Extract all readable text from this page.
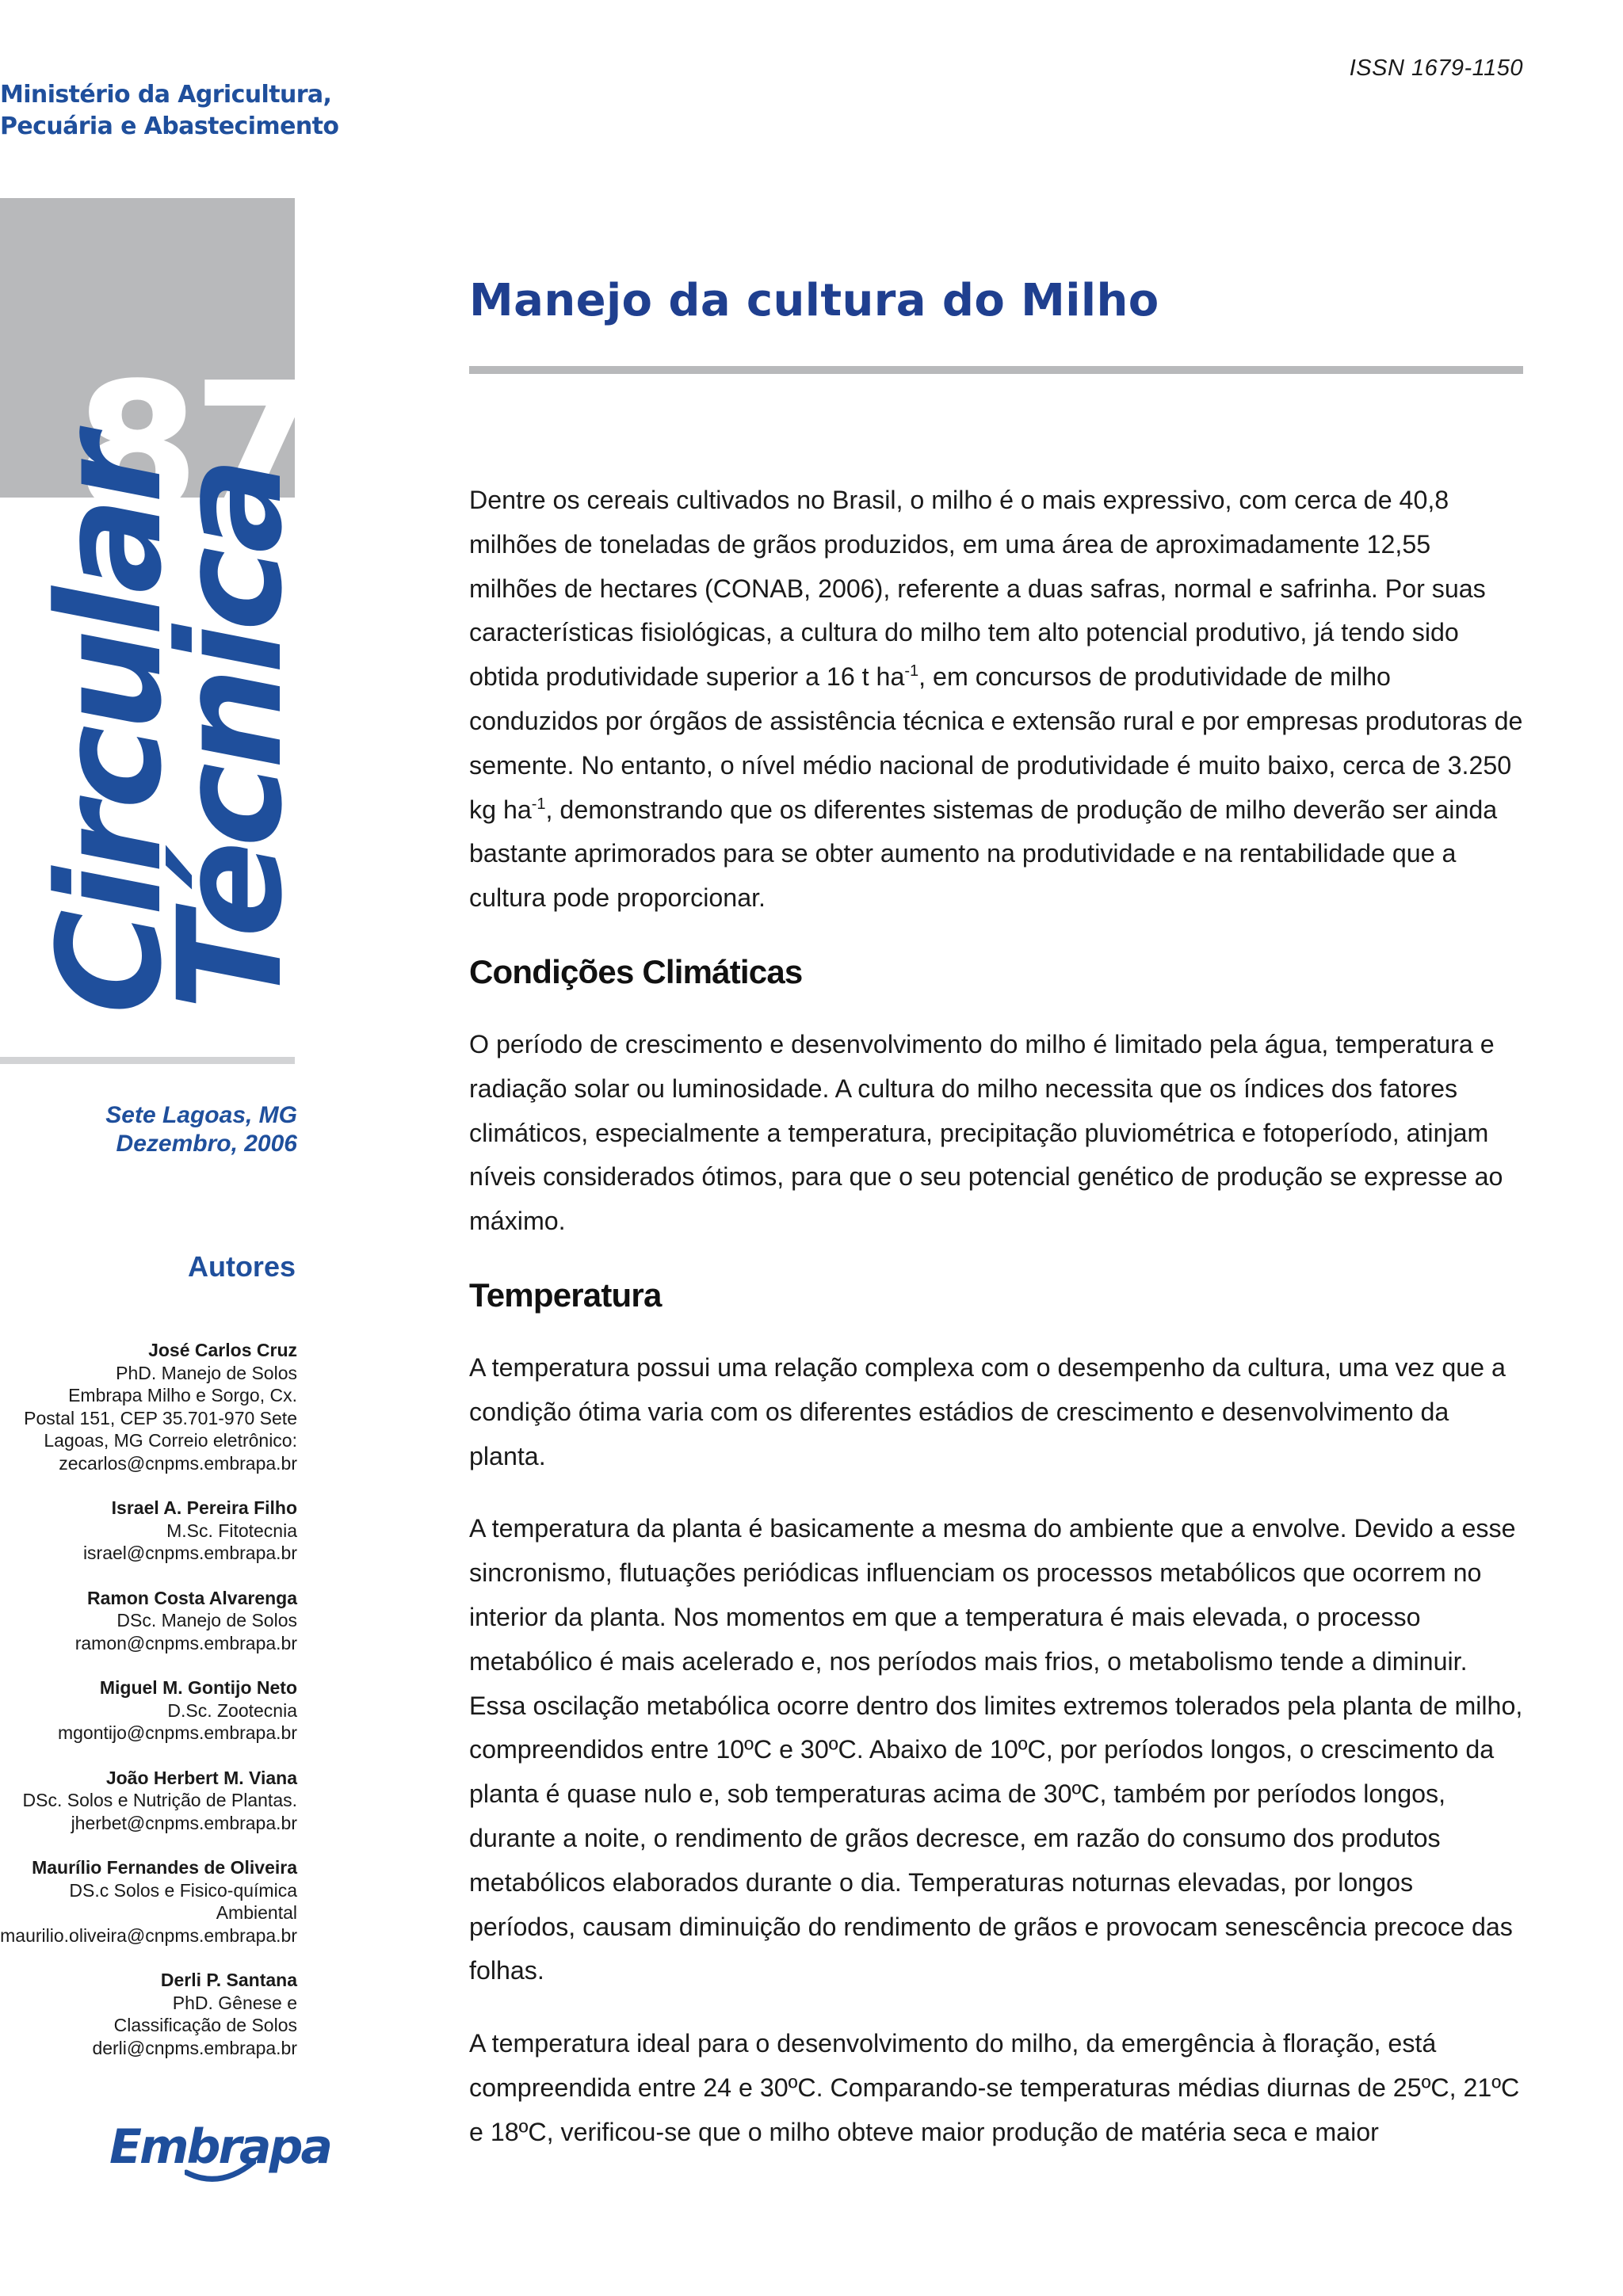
Ministério da Agricultura,
Pecuária e Abastecimento
87
Circular
Técnica
Sete Lagoas, MG
Dezembro, 2006
Autores
José Carlos Cruz
PhD. Manejo de Solos
Embrapa Milho e Sorgo, Cx.
Postal 151, CEP 35.701-970 Sete
Lagoas, MG Correio eletrônico:
zecarlos@cnpms.embrapa.br
Israel A. Pereira Filho
M.Sc. Fitotecnia
israel@cnpms.embrapa.br
Ramon Costa Alvarenga
DSc. Manejo de Solos
ramon@cnpms.embrapa.br
Miguel M. Gontijo Neto
D.Sc. Zootecnia
mgontijo@cnpms.embrapa.br
João Herbert M. Viana
DSc. Solos e Nutrição de Plantas.
jherbet@cnpms.embrapa.br
Maurílio Fernandes de Oliveira
DS.c Solos e Fisico-química
Ambiental
maurilio.oliveira@cnpms.embrapa.br
Derli P. Santana
PhD. Gênese e
Classificação de Solos
derli@cnpms.embrapa.br
Embrapa
ISSN 1679-1150
Manejo da cultura do Milho

Dentre os cereais cultivados no Brasil, o milho é o mais expressivo, com cerca de 40,8 milhões de toneladas de grãos produzidos, em uma área de aproximadamente 12,55 milhões de hectares (CONAB, 2006), referente a duas safras, normal e safrinha. Por suas características fisiológicas, a cultura do milho tem alto potencial produtivo, já tendo sido obtida produtividade superior a 16 t $ha^{-1}$, em concursos de produtividade de milho conduzidos por órgãos de assistência técnica e extensão rural e por empresas produtoras de semente. No entanto, o nível médio nacional de produtividade é muito baixo, cerca de 3.250 kg $ha^{-1}$, demonstrando que os diferentes sistemas de produção de milho deverão ser ainda bastante aprimorados para se obter aumento na produtividade e na rentabilidade que a cultura pode proporcionar.

Condições Climáticas

O período de crescimento e desenvolvimento do milho é limitado pela água, temperatura e radiação solar ou luminosidade. A cultura do milho necessita que os índices dos fatores climáticos, especialmente a temperatura, precipitação pluviométrica e fotoperíodo, atinjam níveis considerados ótimos, para que o seu potencial genético de produção se expresse ao máximo.

Temperatura

A temperatura possui uma relação complexa com o desempenho da cultura, uma vez que a condição ótima varia com os diferentes estádios de crescimento e desenvolvimento da planta.

A temperatura da planta é basicamente a mesma do ambiente que a envolve. Devido a esse sincronismo, flutuações periódicas influenciam os processos metabólicos que ocorrem no interior da planta. Nos momentos em que a temperatura é mais elevada, o processo metabólico é mais acelerado e, nos períodos mais frios, o metabolismo tende a diminuir. Essa oscilação metabólica ocorre dentro dos limites extremos tolerados pela planta de milho, compreendidos entre 10ºC e 30ºC. Abaixo de 10ºC, por períodos longos, o crescimento da planta é quase nulo e, sob temperaturas acima de 30ºC, também por períodos longos, durante a noite, o rendimento de grãos decresce, em razão do consumo dos produtos metabólicos elaborados durante o dia. Temperaturas noturnas elevadas, por longos períodos, causam diminuição do rendimento de grãos e provocam senescência precoce das folhas.

A temperatura ideal para o desenvolvimento do milho, da emergência à floração, está compreendida entre 24 e 30ºC. Comparando-se temperaturas médias diurnas de 25ºC, 21ºC e 18ºC, verificou-se que o milho obteve maior produção de matéria seca e maior
